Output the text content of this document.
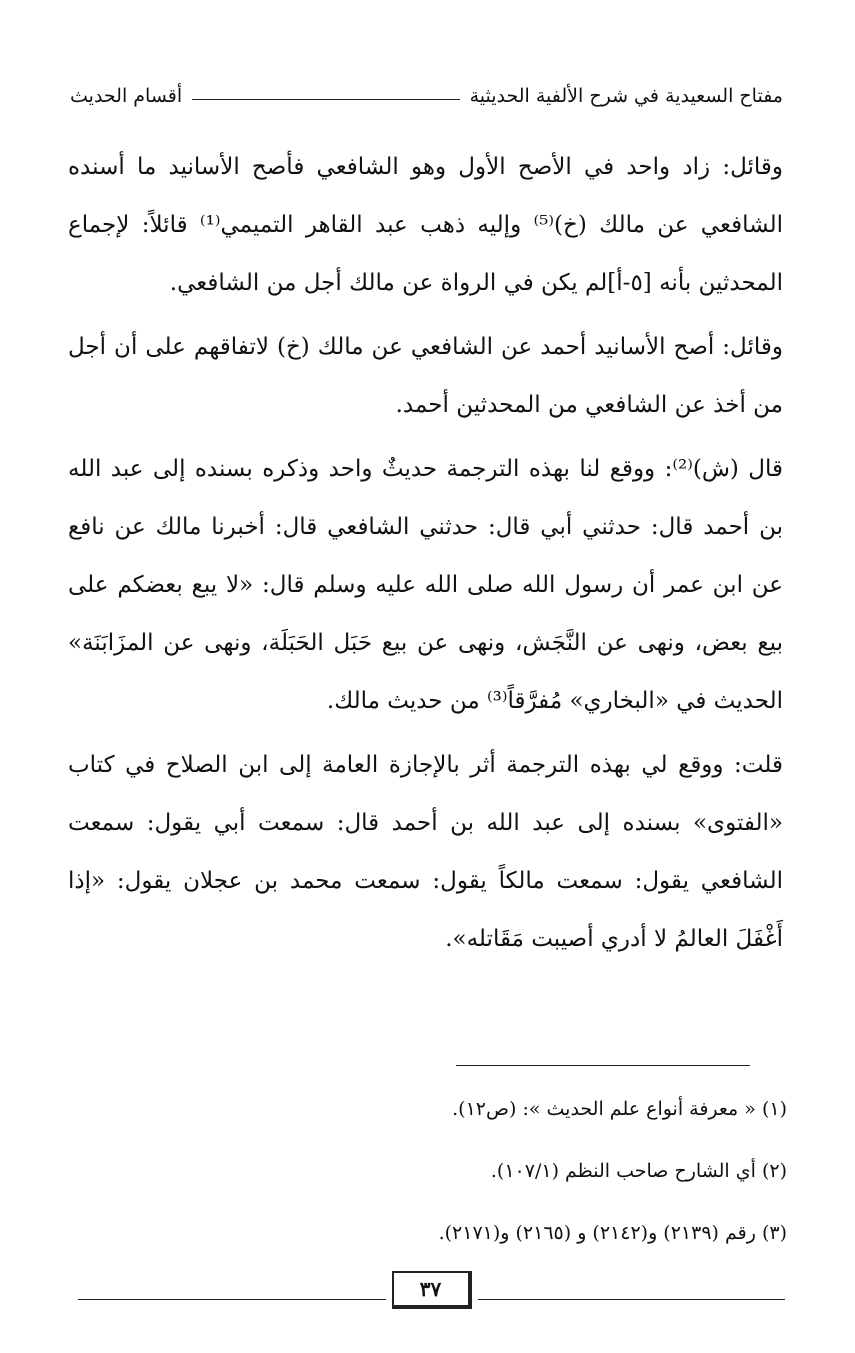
مفتاح السعيدية في شرح الألفية الحديثية
أقسام الحديث

وقائل: زاد واحد في الأصح الأول وهو الشافعي فأصح الأسانيد ما أسنده الشافعي عن مالك (خ)⁽⁵⁾ وإليه ذهب عبد القاهر التميمي⁽¹⁾ قائلاً: لإجماع المحدثين بأنه [٥-أ]لم يكن في الرواة عن مالك أجل من الشافعي.

وقائل: أصح الأسانيد أحمد عن الشافعي عن مالك (خ) لاتفاقهم على أن أجل من أخذ عن الشافعي من المحدثين أحمد.

قال (ش)⁽²⁾: ووقع لنا بهذه الترجمة حديثٌ واحد وذكره بسنده إلى عبد الله بن أحمد قال: حدثني أبي قال: حدثني الشافعي قال: أخبرنا مالك عن نافع عن ابن عمر أن رسول الله صلى الله عليه وسلم قال: «لا يبع بعضكم على بيع بعض، ونهى عن النَّجَش، ونهى عن بيع حَبَل الحَبَلَة، ونهى عن المزَابَنَة» الحديث في «البخاري» مُفرَّقاً⁽³⁾ من حديث مالك.

قلت: ووقع لي بهذه الترجمة أثر بالإجازة العامة إلى ابن الصلاح في كتاب «الفتوى» بسنده إلى عبد الله بن أحمد قال: سمعت أبي يقول: سمعت الشافعي يقول: سمعت مالكاً يقول: سمعت محمد بن عجلان يقول: «إذا أَغْفَلَ العالمُ لا أدري أصيبت مَقَاتله».

(١) « معرفة أنواع علم الحديث »: (ص١٢).
(٢) أي الشارح صاحب النظم (١٠٧/١).
(٣) رقم (٢١٣٩) و(٢١٤٢) و (٢١٦٥) و(٢١٧١).
٣٧
